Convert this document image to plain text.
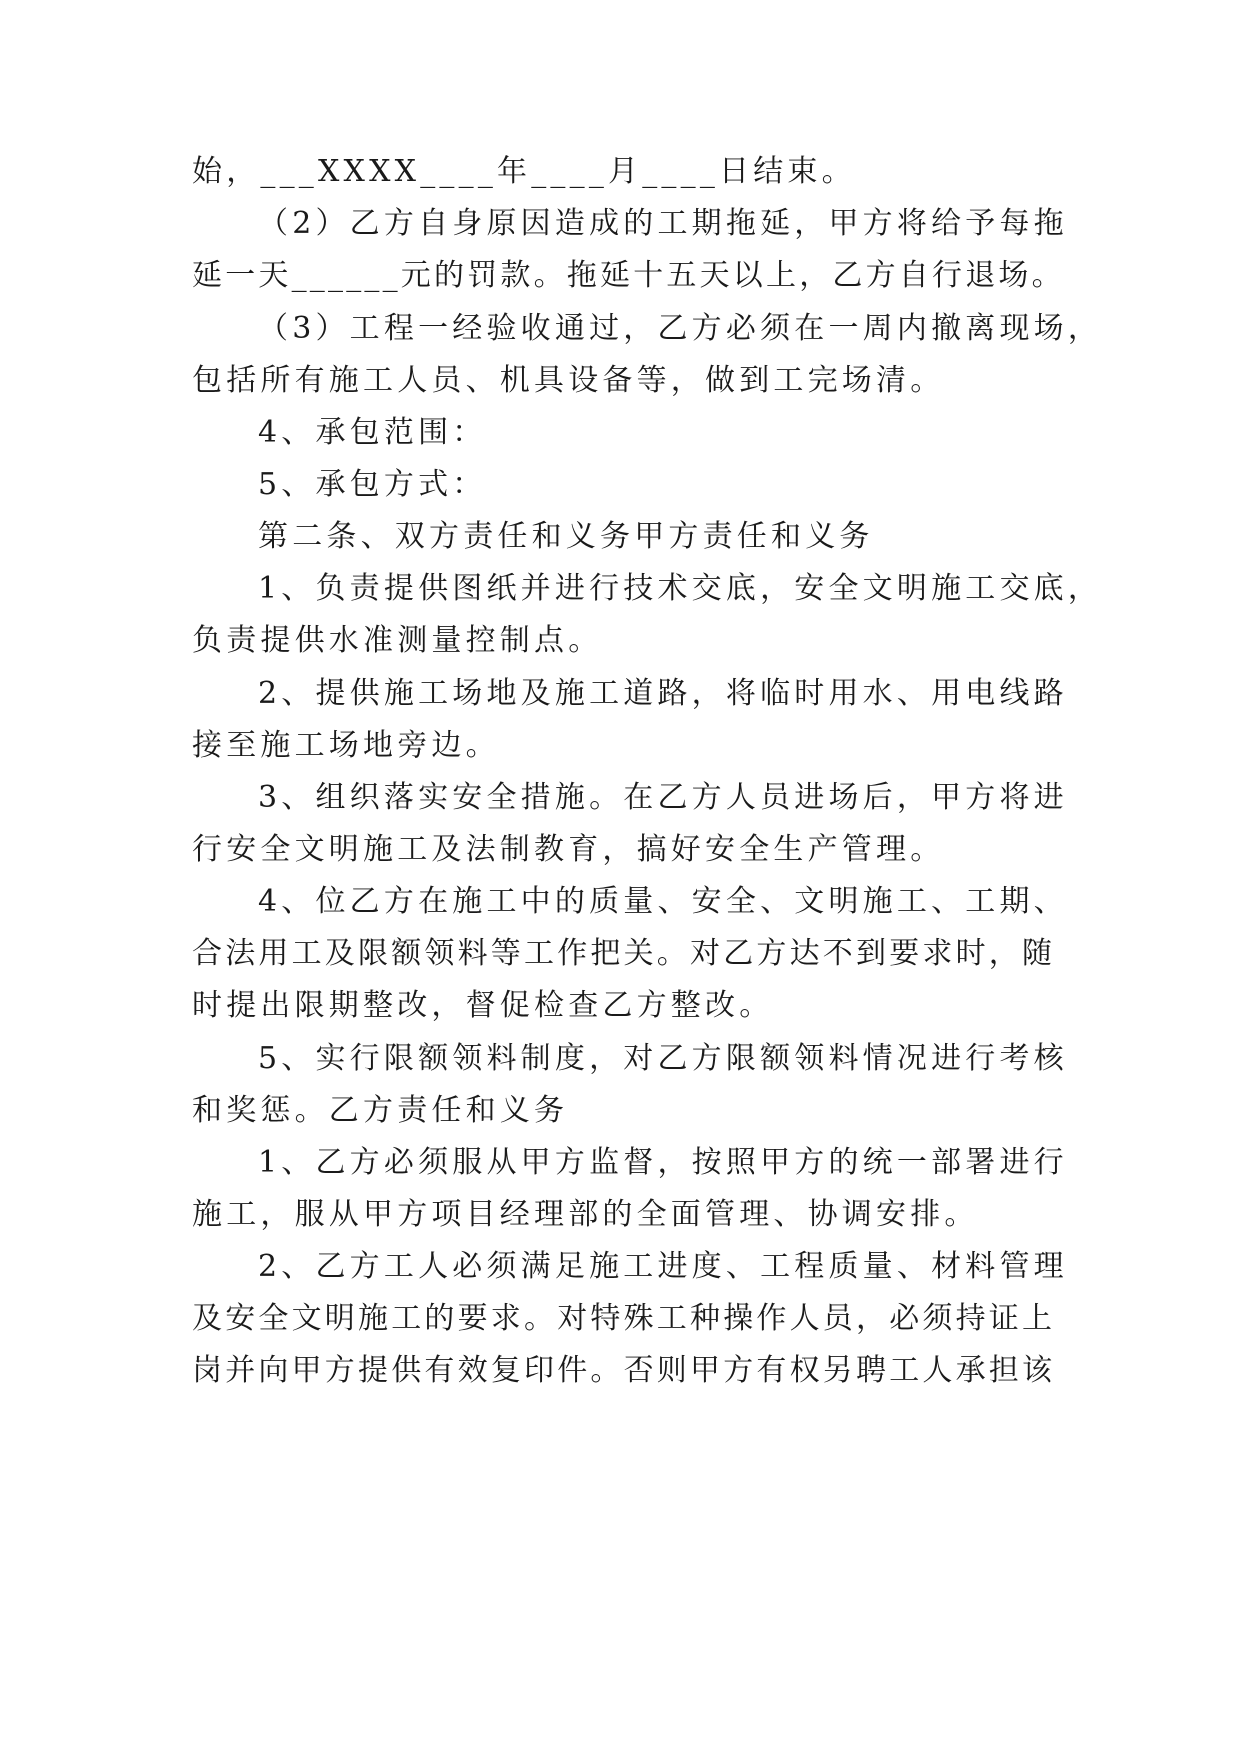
始，___XXXX____年____月____日结束。
（2）乙方自身原因造成的工期拖延，甲方将给予每拖
延一天______元的罚款。拖延十五天以上，乙方自行退场。
（3）工程一经验收通过，乙方必须在一周内撤离现场，
包括所有施工人员、机具设备等，做到工完场清。
4、承包范围：
5、承包方式：
第二条、双方责任和义务甲方责任和义务
1、负责提供图纸并进行技术交底，安全文明施工交底，
负责提供水准测量控制点。
2、提供施工场地及施工道路，将临时用水、用电线路
接至施工场地旁边。
3、组织落实安全措施。在乙方人员进场后，甲方将进
行安全文明施工及法制教育，搞好安全生产管理。
4、位乙方在施工中的质量、安全、文明施工、工期、
合法用工及限额领料等工作把关。对乙方达不到要求时，随
时提出限期整改，督促检查乙方整改。
5、实行限额领料制度，对乙方限额领料情况进行考核
和奖惩。乙方责任和义务
1、乙方必须服从甲方监督，按照甲方的统一部署进行
施工，服从甲方项目经理部的全面管理、协调安排。
2、乙方工人必须满足施工进度、工程质量、材料管理
及安全文明施工的要求。对特殊工种操作人员，必须持证上
岗并向甲方提供有效复印件。否则甲方有权另聘工人承担该
